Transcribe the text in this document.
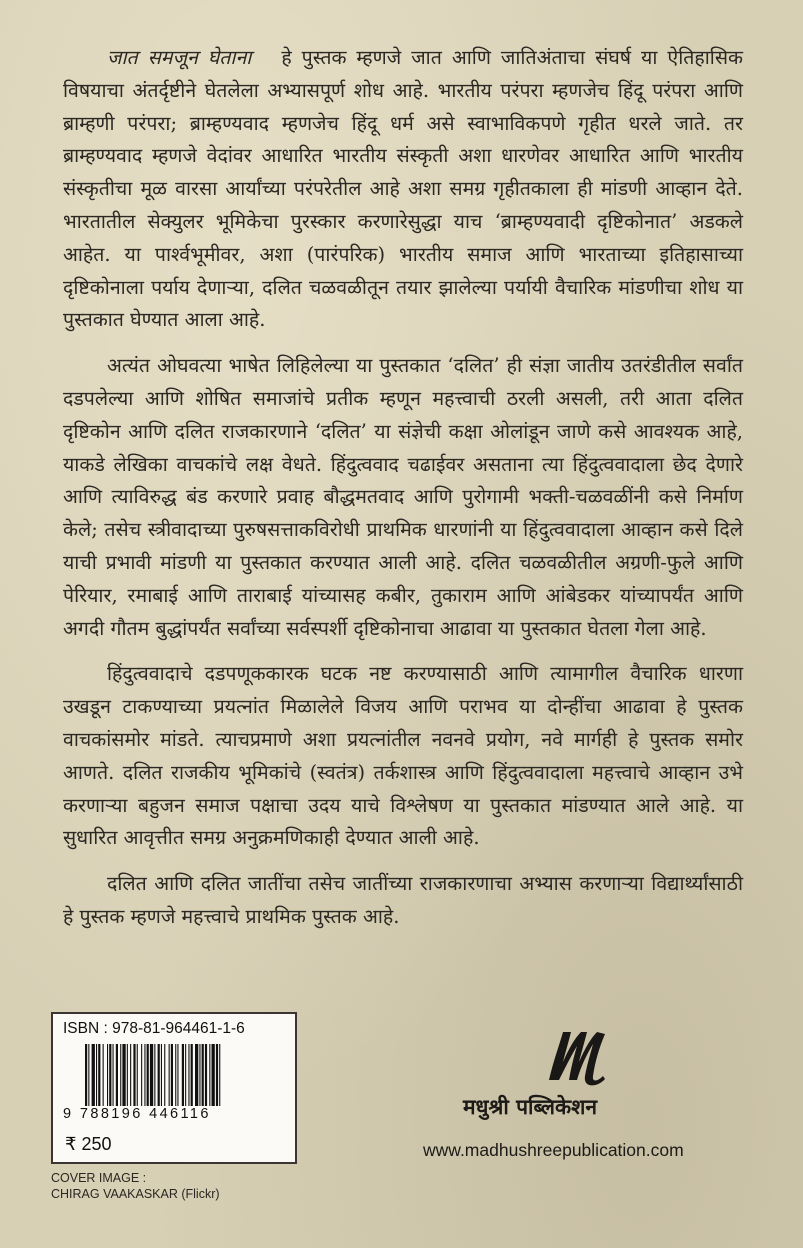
जात समजून घेताना हे पुस्तक म्हणजे जात आणि जातिअंताचा संघर्ष या ऐतिहासिक विषयाचा अंतर्दृष्टीने घेतलेला अभ्यासपूर्ण शोध आहे. भारतीय परंपरा म्हणजेच हिंदू परंपरा आणि ब्राम्हणी परंपरा; ब्राम्हण्यवाद म्हणजेच हिंदू धर्म असे स्वाभाविकपणे गृहीत धरले जाते. तर ब्राम्हण्यवाद म्हणजे वेदांवर आधारित भारतीय संस्कृती अशा धारणेवर आधारित आणि भारतीय संस्कृतीचा मूळ वारसा आर्यांच्या परंपरेतील आहे अशा समग्र गृहीतकाला ही मांडणी आव्हान देते. भारतातील सेक्युलर भूमिकेचा पुरस्कार करणारेसुद्धा याच ‘ब्राम्हण्यवादी दृष्टिकोनात’ अडकले आहेत. या पार्श्वभूमीवर, अशा (पारंपरिक) भारतीय समाज आणि भारताच्या इतिहासाच्या दृष्टिकोनाला पर्याय देणाऱ्या, दलित चळवळीतून तयार झालेल्या पर्यायी वैचारिक मांडणीचा शोध या पुस्तकात घेण्यात आला आहे.

अत्यंत ओघवत्या भाषेत लिहिलेल्या या पुस्तकात ‘दलित’ ही संज्ञा जातीय उतरंडीतील सर्वांत दडपलेल्या आणि शोषित समाजांचे प्रतीक म्हणून महत्त्वाची ठरली असली, तरी आता दलित दृष्टिकोन आणि दलित राजकारणाने ‘दलित’ या संज्ञेची कक्षा ओलांडून जाणे कसे आवश्यक आहे, याकडे लेखिका वाचकांचे लक्ष वेधते. हिंदुत्ववाद चढाईवर असताना त्या हिंदुत्ववादाला छेद देणारे आणि त्याविरुद्ध बंड करणारे प्रवाह बौद्धमतवाद आणि पुरोगामी भक्ती-चळवळींनी कसे निर्माण केले; तसेच स्त्रीवादाच्या पुरुषसत्ताकविरोधी प्राथमिक धारणांनी या हिंदुत्ववादाला आव्हान कसे दिले याची प्रभावी मांडणी या पुस्तकात करण्यात आली आहे. दलित चळवळीतील अग्रणी-फुले आणि पेरियार, रमाबाई आणि ताराबाई यांच्यासह कबीर, तुकाराम आणि आंबेडकर यांच्यापर्यंत आणि अगदी गौतम बुद्धांपर्यंत सर्वांच्या सर्वस्पर्शी दृष्टिकोनाचा आढावा या पुस्तकात घेतला गेला आहे.

हिंदुत्ववादाचे दडपणूककारक घटक नष्ट करण्यासाठी आणि त्यामागील वैचारिक धारणा उखडून टाकण्याच्या प्रयत्नांत मिळालेले विजय आणि पराभव या दोन्हींचा आढावा हे पुस्तक वाचकांसमोर मांडते. त्याचप्रमाणे अशा प्रयत्नांतील नवनवे प्रयोग, नवे मार्गही हे पुस्तक समोर आणते. दलित राजकीय भूमिकांचे (स्वतंत्र) तर्कशास्त्र आणि हिंदुत्ववादाला महत्त्वाचे आव्हान उभे करणाऱ्या बहुजन समाज पक्षाचा उदय याचे विश्लेषण या पुस्तकात मांडण्यात आले आहे. या सुधारित आवृत्तीत समग्र अनुक्रमणिकाही देण्यात आली आहे.

दलित आणि दलित जातींचा तसेच जातींच्या राजकारणाचा अभ्यास करणाऱ्या विद्यार्थ्यांसाठी हे पुस्तक म्हणजे महत्त्वाचे प्राथमिक पुस्तक आहे.

ISBN : 978-81-964461-1-6
9 788196 446116
₹ 250
COVER IMAGE :
CHIRAG VAAKASKAR (Flickr)
मधुश्री पब्लिकेशन
www.madhushreepublication.com
